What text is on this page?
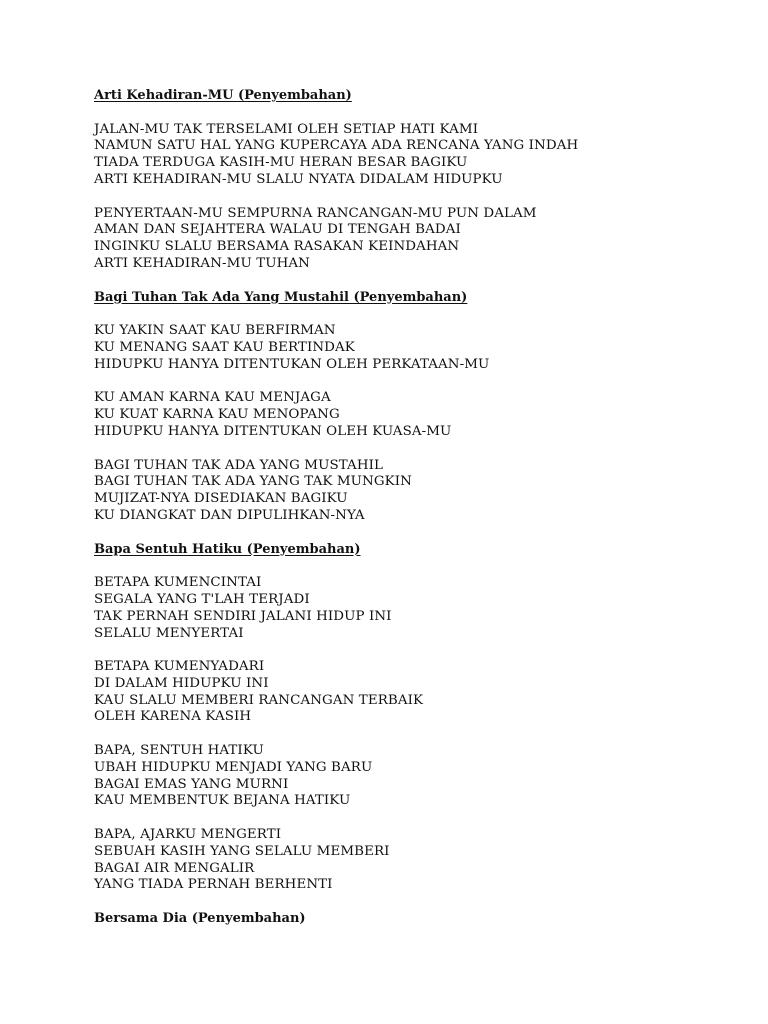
Arti Kehadiran-MU (Penyembahan)
JALAN-MU TAK TERSELAMI OLEH SETIAP HATI KAMI
NAMUN SATU HAL YANG KUPERCAYA ADA RENCANA YANG INDAH
TIADA TERDUGA KASIH-MU HERAN BESAR BAGIKU
ARTI KEHADIRAN-MU SLALU NYATA DIDALAM HIDUPKU
PENYERTAAN-MU SEMPURNA RANCANGAN-MU PUN DALAM
AMAN DAN SEJAHTERA WALAU DI TENGAH BADAI
INGINKU SLALU BERSAMA RASAKAN KEINDAHAN
ARTI KEHADIRAN-MU TUHAN
Bagi Tuhan Tak Ada Yang Mustahil (Penyembahan)
KU YAKIN SAAT KAU BERFIRMAN
KU MENANG SAAT KAU BERTINDAK
HIDUPKU HANYA DITENTUKAN OLEH PERKATAAN-MU
KU AMAN KARNA KAU MENJAGA
KU KUAT KARNA KAU MENOPANG
HIDUPKU HANYA DITENTUKAN OLEH KUASA-MU
BAGI TUHAN TAK ADA YANG MUSTAHIL
BAGI TUHAN TAK ADA YANG TAK MUNGKIN
MUJIZAT-NYA DISEDIAKAN BAGIKU
KU DIANGKAT DAN DIPULIHKAN-NYA
Bapa Sentuh Hatiku (Penyembahan)
BETAPA KUMENCINTAI
SEGALA YANG T'LAH TERJADI
TAK PERNAH SENDIRI JALANI HIDUP INI
SELALU MENYERTAI
BETAPA KUMENYADARI
DI DALAM HIDUPKU INI
KAU SLALU MEMBERI RANCANGAN TERBAIK
OLEH KARENA KASIH
BAPA, SENTUH HATIKU
UBAH HIDUPKU MENJADI YANG BARU
BAGAI EMAS YANG MURNI
KAU MEMBENTUK BEJANA HATIKU
BAPA, AJARKU MENGERTI
SEBUAH KASIH YANG SELALU MEMBERI
BAGAI AIR MENGALIR
YANG TIADA PERNAH BERHENTI
Bersama Dia (Penyembahan)
